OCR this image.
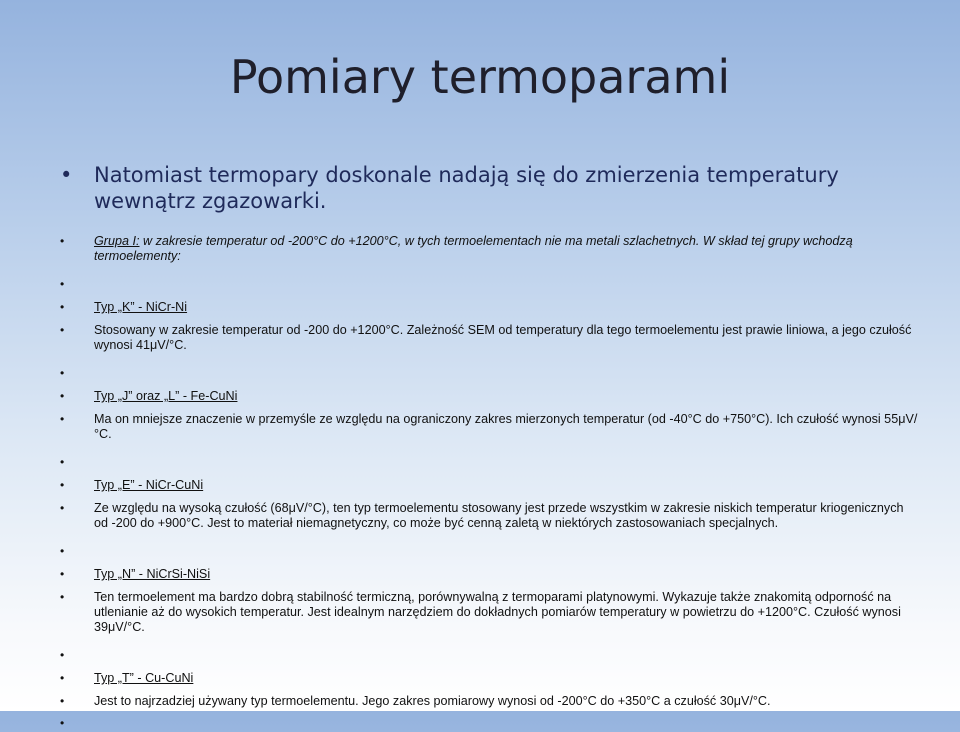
Pomiary termoparami
• Natomiast termopary doskonale nadają się do zmierzenia temperatury wewnątrz zgazowarki.
• Grupa I: w zakresie temperatur od -200°C do +1200°C, w tych termoelementach nie ma metali szlachetnych. W skład tej grupy wchodzą termoelementy:
•
• Typ „K” - NiCr-Ni
• Stosowany w zakresie temperatur od -200 do +1200°C. Zależność SEM od temperatury dla tego termoelementu jest prawie liniowa, a jego czułość wynosi 41μV/°C.
•
• Typ „J” oraz „L” - Fe-CuNi
• Ma on mniejsze znaczenie w przemyśle ze względu na ograniczony zakres mierzonych temperatur (od -40°C do +750°C). Ich czułość wynosi 55μV/°C.
•
• Typ „E” - NiCr-CuNi
• Ze względu na wysoką czułość (68μV/°C), ten typ termoelementu stosowany jest przede wszystkim w zakresie niskich temperatur kriogenicznych od -200 do +900°C. Jest to materiał niemagnetyczny, co może być cenną zaletą w niektórych zastosowaniach specjalnych.
•
• Typ „N” - NiCrSi-NiSi
• Ten termoelement ma bardzo dobrą stabilność termiczną, porównywalną z termoparami platynowymi. Wykazuje także znakomitą odporność na utlenianie aż do wysokich temperatur. Jest idealnym narzędziem do dokładnych pomiarów temperatury w powietrzu do +1200°C. Czułość wynosi 39μV/°C.
•
• Typ „T” - Cu-CuNi
• Jest to najrzadziej używany typ termoelementu. Jego zakres pomiarowy wynosi od -200°C do +350°C a czułość 30μV/°C.
•
